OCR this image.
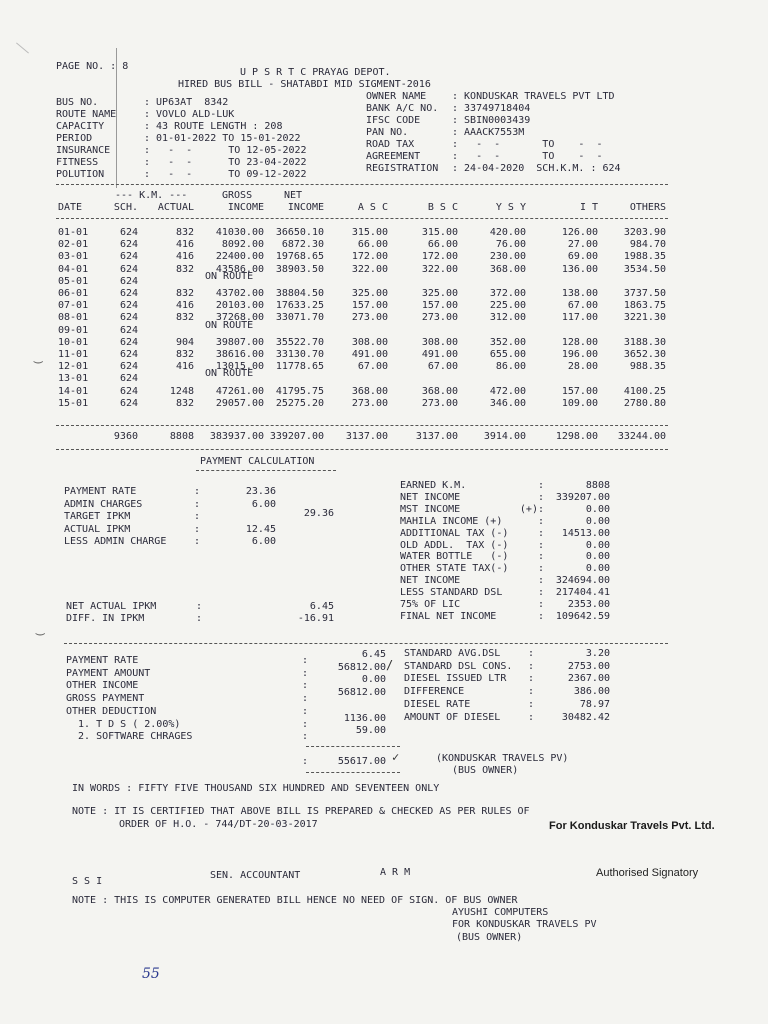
PAGE NO. : 8
U P S R T C PRAYAG DEPOT.
HIRED BUS BILL - SHATABDI MID SIGMENT-2016
BUS NO.	: UP63AT  8342
ROUTE NAME	: VOVLO ALD-LUK
CAPACITY	: 43 ROUTE LENGTH : 208
PERIOD	: 01-01-2022 TO 15-01-2022
INSURANCE	:   -  -      TO 12-05-2022
FITNESS	:   -  -      TO 23-04-2022
POLUTION	:   -  -      TO 09-12-2022
OWNER NAME	: KONDUSKAR TRAVELS PVT LTD
BANK A/C NO. : 33749718404
IFSC CODE	: SBIN0003439
PAN NO.	: AAACK7553M
ROAD TAX	:   -  -       TO    -  -
AGREEMENT	:   -  -       TO    -  -
REGISTRATION : 24-04-2020  SCH.K.M. : 624
--- K.M. ---	GROSS	NET
DATE	SCH.	ACTUAL	INCOME	INCOME	A S C	B S C	Y S Y	I T	OTHERS
01-01	624	832	41030.00	36650.10	315.00	315.00	420.00	126.00	3203.90
02-01	624	416	8092.00	6872.30	66.00	66.00	76.00	27.00	984.70
03-01	624	416	22400.00	19768.65	172.00	172.00	230.00	69.00	1988.35
04-01	624	832	43586.00	38903.50	322.00	322.00	368.00	136.00	3534.50
05-01	624	ON ROUTE
06-01	624	832	43702.00	38804.50	325.00	325.00	372.00	138.00	3737.50
07-01	624	416	20103.00	17633.25	157.00	157.00	225.00	67.00	1863.75
08-01	624	832	37268.00	33071.70	273.00	273.00	312.00	117.00	3221.30
09-01	624	ON ROUTE
10-01	624	904	39807.00	35522.70	308.00	308.00	352.00	128.00	3188.30
11-01	624	832	38616.00	33130.70	491.00	491.00	655.00	196.00	3652.30
12-01	624	416	13015.00	11778.65	67.00	67.00	86.00	28.00	988.35
13-01	624	ON ROUTE
14-01	624	1248	47261.00	41795.75	368.00	368.00	472.00	157.00	4100.25
15-01	624	832	29057.00	25275.20	273.00	273.00	346.00	109.00	2780.80
9360	8808	383937.00 339207.00	3137.00	3137.00	3914.00	1298.00	33244.00
PAYMENT CALCULATION
PAYMENT RATE	:	23.36
ADMIN CHARGES	:	6.00
TARGET IPKM	:
ACTUAL IPKM	:	12.45
LESS ADMIN CHARGE	:	6.00
29.36
EARNED K.M.	:	8808
NET INCOME	:	339207.00
MST INCOME	(+):	0.00
MAHILA INCOME (+)	:	0.00
ADDITIONAL TAX (-)	:	14513.00
OLD ADDL.  TAX (-)	:	0.00
WATER BOTTLE   (-)	:	0.00
OTHER STATE TAX(-)	:	0.00
NET INCOME	:	324694.00
LESS STANDARD DSL	:	217404.41
75% OF LIC	:	2353.00
FINAL NET INCOME	:	109642.59
NET ACTUAL IPKM	:	6.45
DIFF. IN IPKM	:	-16.91
PAYMENT RATE	:
6.45
PAYMENT AMOUNT	:
56812.00
OTHER INCOME	:
0.00
GROSS PAYMENT	:
56812.00
OTHER DEDUCTION	:
1. T D S ( 2.00%)	:
1136.00
2. SOFTWARE CHRAGES	:
59.00
:	55617.00 ✓
/
STANDARD AVG.DSL	:	3.20
STANDARD DSL CONS. :	2753.00
DIESEL ISSUED LTR :	2367.00
DIFFERENCE	:	386.00
DIESEL RATE	:	78.97
AMOUNT OF DIESEL	:	30482.42
(KONDUSKAR TRAVELS PV)
(BUS OWNER)
IN WORDS : FIFTY FIVE THOUSAND SIX HUNDRED AND SEVENTEEN ONLY
NOTE : IT IS CERTIFIED THAT ABOVE BILL IS PREPARED & CHECKED AS PER RULES OF
ORDER OF H.O. - 744/DT-20-03-2017	For Konduskar Travels Pvt. Ltd.
S S I
SEN. ACCOUNTANT	A R M	Authorised Signatory
NOTE : THIS IS COMPUTER GENERATED BILL HENCE NO NEED OF SIGN. OF BUS OWNER
AYUSHI COMPUTERS
FOR KONDUSKAR TRAVELS PV
(BUS OWNER)
55
‿
‿
